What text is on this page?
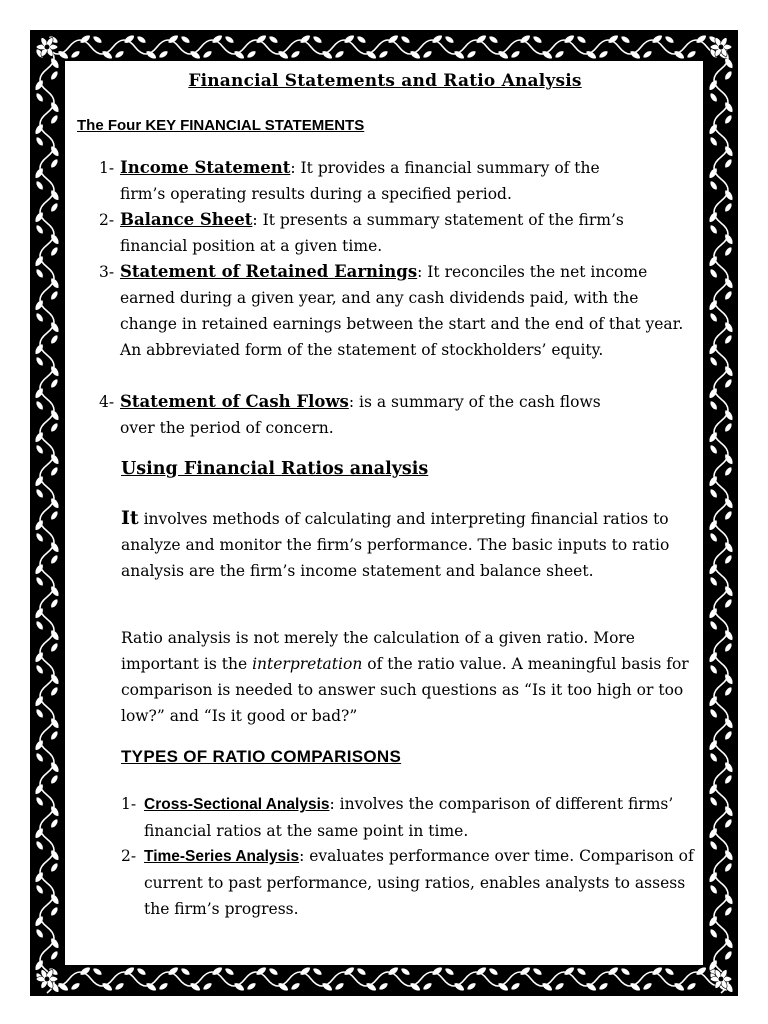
Financial Statements and Ratio Analysis
The Four KEY FINANCIAL STATEMENTS
1- Income Statement: It provides a financial summary of the
firm’s operating results during a specified period.
2- Balance Sheet: It presents a summary statement of the firm’s
financial position at a given time.
3- Statement of Retained Earnings: It reconciles the net income
earned during a given year, and any cash dividends paid, with the change in retained earnings between the start and the end of that year. An abbreviated form of the statement of stockholders’ equity.
4- Statement of Cash Flows: is a summary of the cash flows
over the period of concern.
Using Financial Ratios analysis
It involves methods of calculating and interpreting financial ratios to analyze and monitor the firm’s performance. The basic inputs to ratio analysis are the firm’s income statement and balance sheet.
Ratio analysis is not merely the calculation of a given ratio. More important is the interpretation of the ratio value. A meaningful basis for comparison is needed to answer such questions as “Is it too high or too low?” and “Is it good or bad?”
TYPES OF RATIO COMPARISONS
1- Cross-Sectional Analysis: involves the comparison of different firms’ financial ratios at the same point in time.
2- Time-Series Analysis: evaluates performance over time. Comparison of current to past performance, using ratios, enables analysts to assess the firm’s progress.
